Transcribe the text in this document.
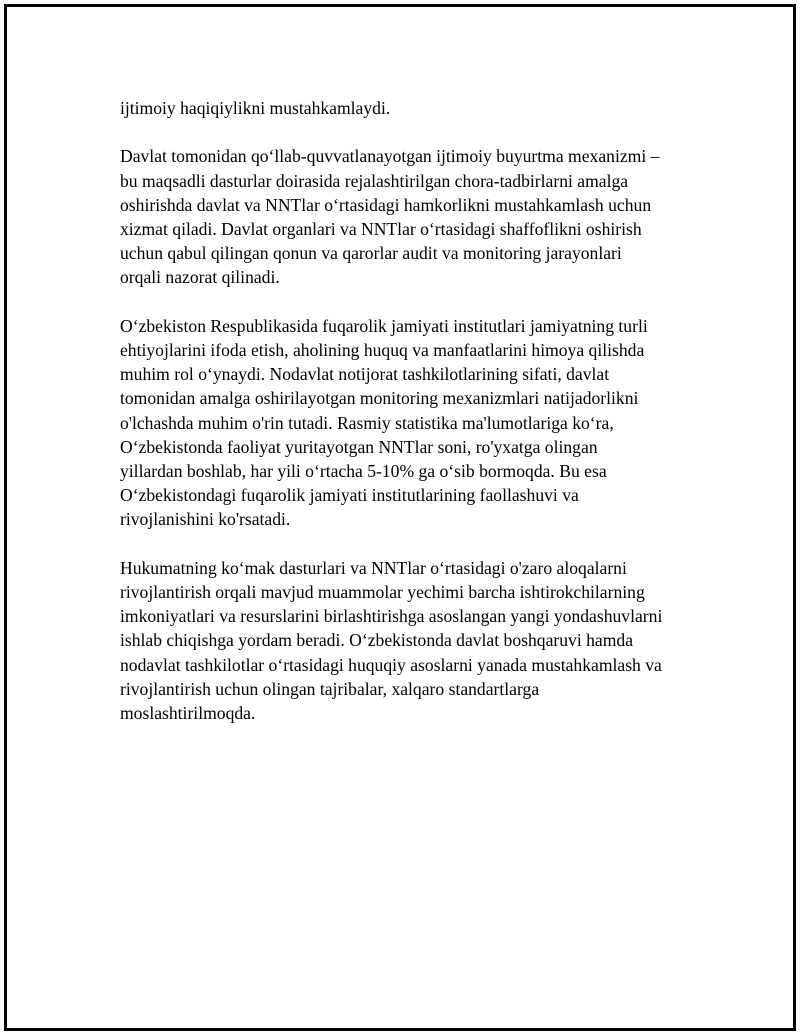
ijtimoiy haqiqiylikni mustahkamlaydi.

Davlat tomonidan qo‘llab-quvvatlanayotgan ijtimoiy buyurtma mexanizmi –
bu maqsadli dasturlar doirasida rejalashtirilgan chora-tadbirlarni amalga
oshirishda davlat va NNTlar o‘rtasidagi hamkorlikni mustahkamlash uchun
xizmat qiladi. Davlat organlari va NNTlar o‘rtasidagi shaffoflikni oshirish
uchun qabul qilingan qonun va qarorlar audit va monitoring jarayonlari
orqali nazorat qilinadi.

O‘zbekiston Respublikasida fuqarolik jamiyati institutlari jamiyatning turli
ehtiyojlarini ifoda etish, aholining huquq va manfaatlarini himoya qilishda
muhim rol o‘ynaydi. Nodavlat notijorat tashkilotlarining sifati, davlat
tomonidan amalga oshirilayotgan monitoring mexanizmlari natijadorlikni
o'lchashda muhim o'rin tutadi. Rasmiy statistika ma'lumotlariga ko‘ra,
O‘zbekistonda faoliyat yuritayotgan NNTlar soni, ro'yxatga olingan
yillardan boshlab, har yili o‘rtacha 5-10% ga o‘sib bormoqda. Bu esa
O‘zbekistondagi fuqarolik jamiyati institutlarining faollashuvi va
rivojlanishini ko'rsatadi.

Hukumatning ko‘mak dasturlari va NNTlar o‘rtasidagi o'zaro aloqalarni
rivojlantirish orqali mavjud muammolar yechimi barcha ishtirokchilarning
imkoniyatlari va resurslarini birlashtirishga asoslangan yangi yondashuvlarni
ishlab chiqishga yordam beradi. O‘zbekistonda davlat boshqaruvi hamda
nodavlat tashkilotlar o‘rtasidagi huquqiy asoslarni yanada mustahkamlash va
rivojlantirish uchun olingan tajribalar, xalqaro standartlarga
moslashtirilmoqda.
